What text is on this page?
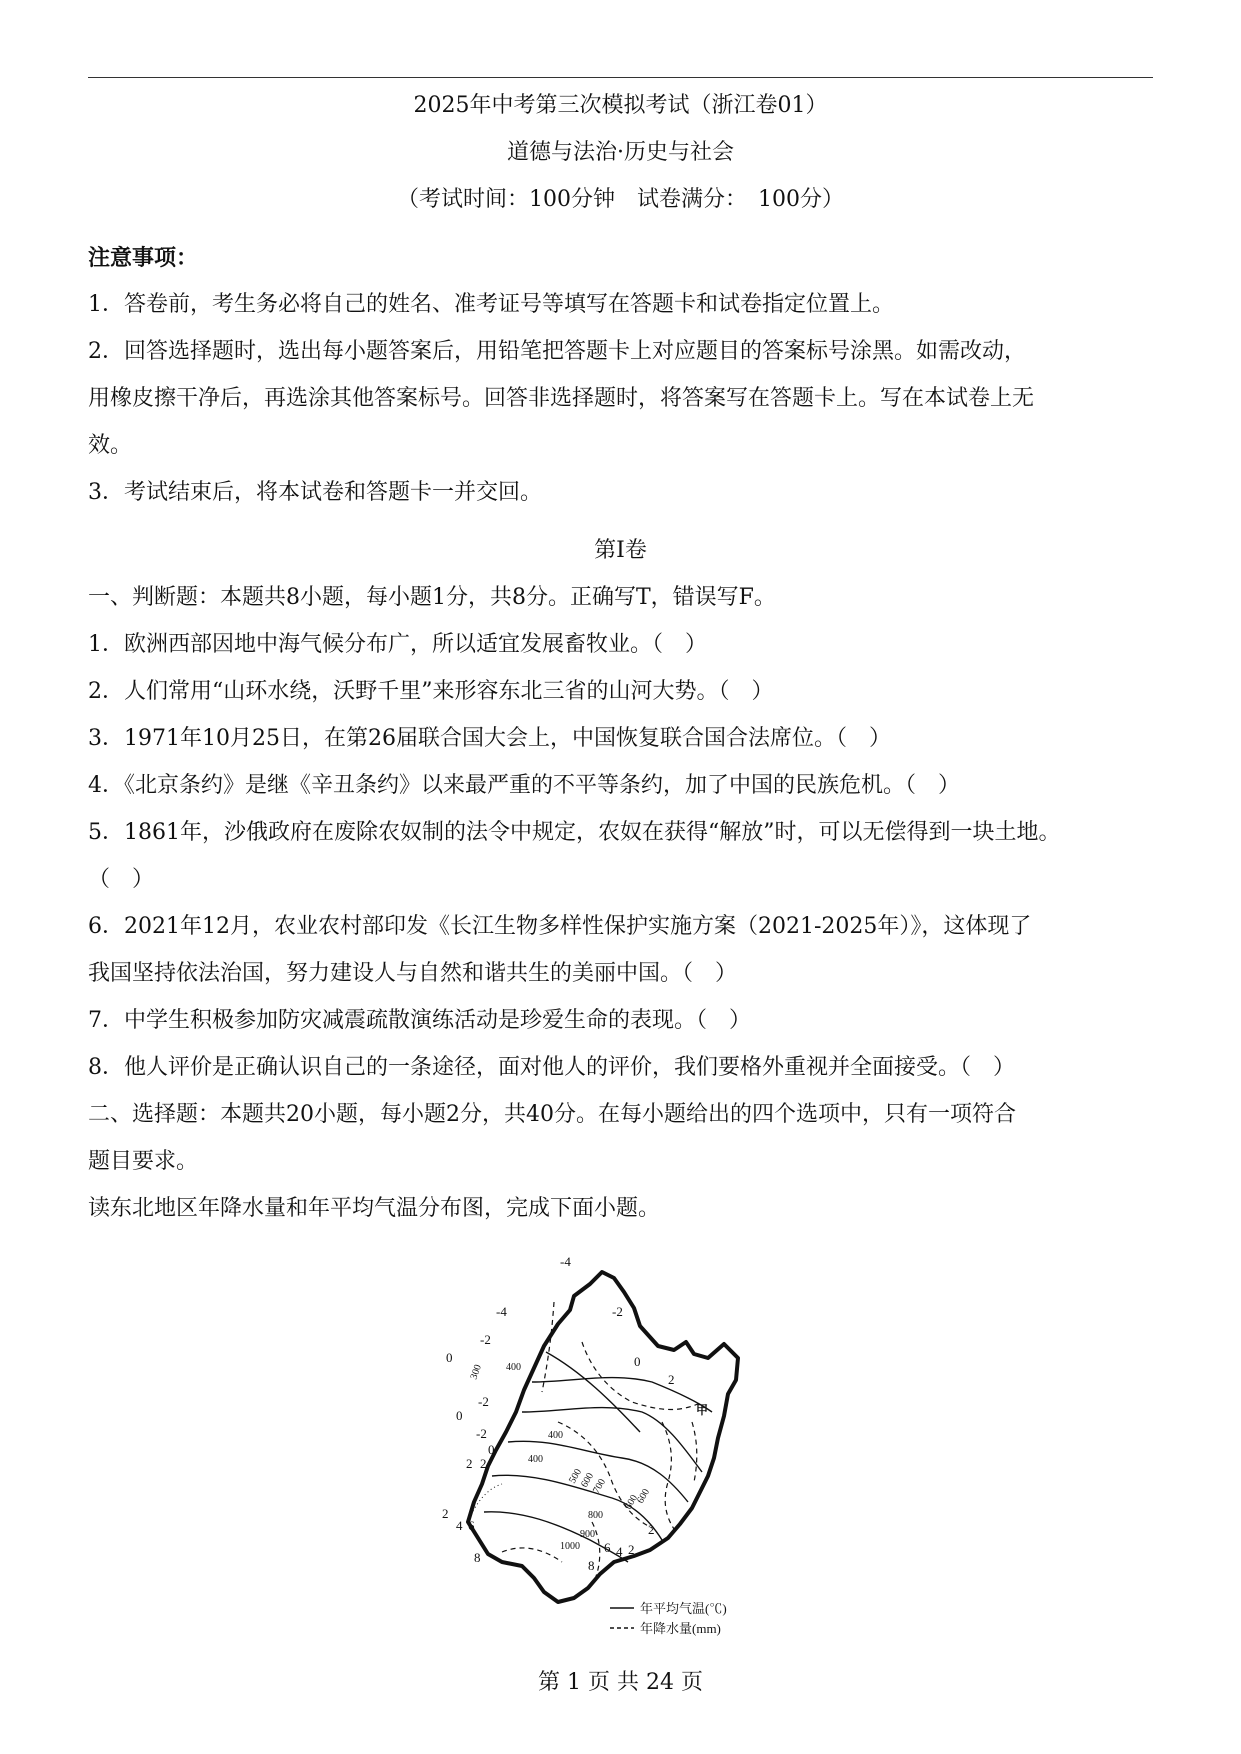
2025年中考第三次模拟考试（浙江卷01）
道德与法治·历史与社会
（考试时间：100分钟　试卷满分：　100分）
注意事项：
1．答卷前，考生务必将自己的姓名、准考证号等填写在答题卡和试卷指定位置上。
2．回答选择题时，选出每小题答案后，用铅笔把答题卡上对应题目的答案标号涂黑。如需改动，
用橡皮擦干净后，再选涂其他答案标号。回答非选择题时，将答案写在答题卡上。写在本试卷上无
效。
3．考试结束后，将本试卷和答题卡一并交回。
第Ⅰ卷
一、判断题：本题共8小题，每小题1分，共8分。正确写T，错误写F。
1．欧洲西部因地中海气候分布广，所以适宜发展畜牧业。（　）
2．人们常用“山环水绕，沃野千里”来形容东北三省的山河大势。（　）
3．1971年10月25日，在第26届联合国大会上，中国恢复联合国合法席位。（　）
4．《北京条约》是继《辛丑条约》以来最严重的不平等条约，加了中国的民族危机。（　）
5．1861年，沙俄政府在废除农奴制的法令中规定，农奴在获得“解放”时，可以无偿得到一块土地。
（　）
6．2021年12月，农业农村部印发《长江生物多样性保护实施方案（2021-2025年）》，这体现了
我国坚持依法治国，努力建设人与自然和谐共生的美丽中国。（　）
7．中学生积极参加防灾减震疏散演练活动是珍爱生命的表现。（　）
8．他人评价是正确认识自己的一条途径，面对他人的评价，我们要格外重视并全面接受。（　）
二、选择题：本题共20小题，每小题2分，共40分。在每小题给出的四个选项中，只有一项符合
题目要求。
读东北地区年降水量和年平均气温分布图，完成下面小题。
-4
-4	-2
-2
0	0
2
-2
0
-2
0
2 2
2
4 6
8
6 4 2
8
2
300 400
400
400
500
600
700
800
900
1000
600
600
甲
年平均气温(℃)
年降水量(mm)
第 1 页 共 24 页
